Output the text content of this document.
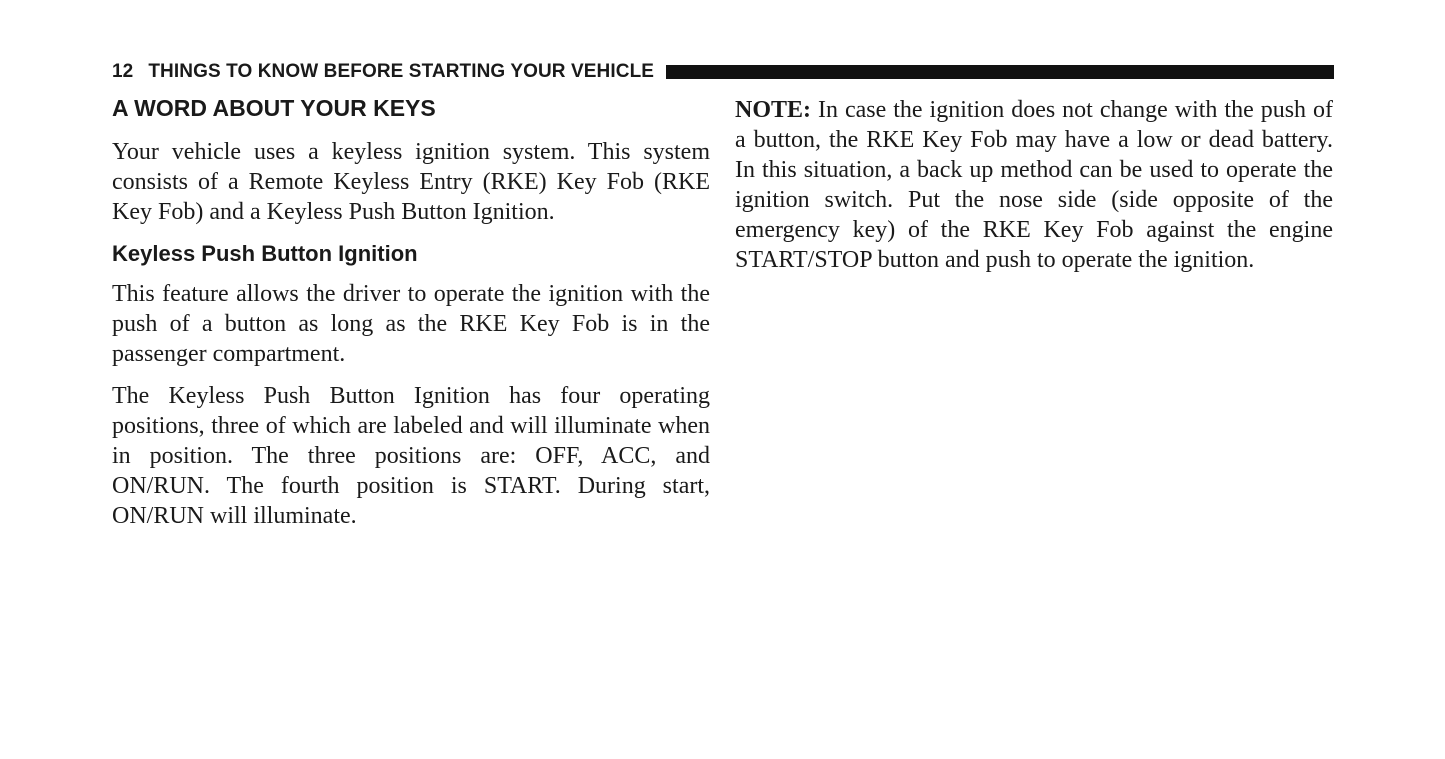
12 THINGS TO KNOW BEFORE STARTING YOUR VEHICLE
A WORD ABOUT YOUR KEYS

Your vehicle uses a keyless ignition system. This system consists of a Remote Keyless Entry (RKE) Key Fob (RKE Key Fob) and a Keyless Push Button Ignition.

Keyless Push Button Ignition

This feature allows the driver to operate the ignition with the push of a button as long as the RKE Key Fob is in the passenger compartment.

The Keyless Push Button Ignition has four operating positions, three of which are labeled and will illuminate when in position. The three positions are: OFF, ACC, and ON/RUN. The fourth position is START. During start, ON/RUN will illuminate.

NOTE: In case the ignition does not change with the push of a button, the RKE Key Fob may have a low or dead battery. In this situation, a back up method can be used to operate the ignition switch. Put the nose side (side opposite of the emergency key) of the RKE Key Fob against the engine START/STOP button and push to operate the ignition.
